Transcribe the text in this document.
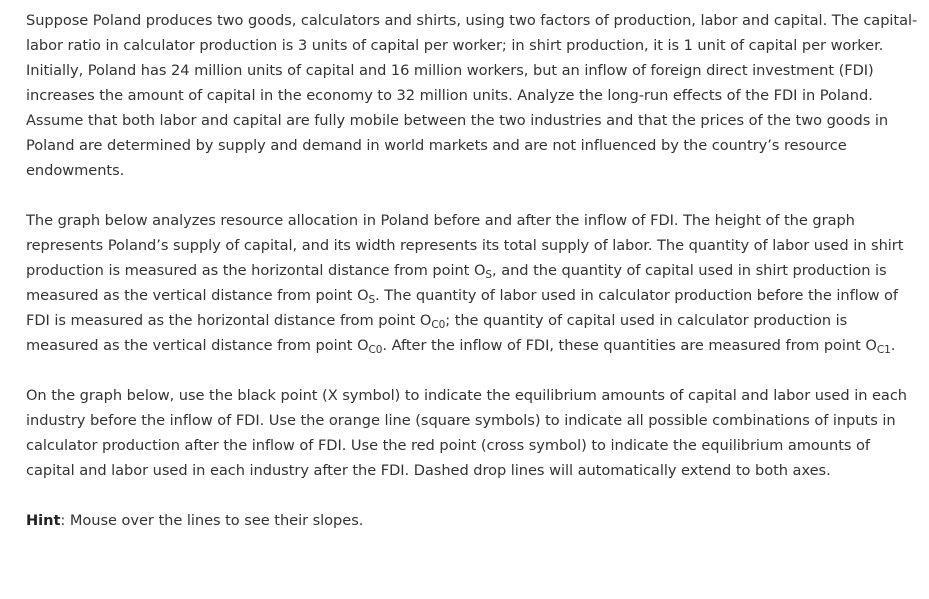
Suppose Poland produces two goods, calculators and shirts, using two factors of production, labor and capital. The capital-labor ratio in calculator production is 3 units of capital per worker; in shirt production, it is 1 unit of capital per worker. Initially, Poland has 24 million units of capital and 16 million workers, but an inflow of foreign direct investment (FDI) increases the amount of capital in the economy to 32 million units. Analyze the long-run effects of the FDI in Poland. Assume that both labor and capital are fully mobile between the two industries and that the prices of the two goods in Poland are determined by supply and demand in world markets and are not influenced by the country’s resource endowments.

The graph below analyzes resource allocation in Poland before and after the inflow of FDI. The height of the graph represents Poland’s supply of capital, and its width represents its total supply of labor. The quantity of labor used in shirt production is measured as the horizontal distance from point $O_S$, and the quantity of capital used in shirt production is measured as the vertical distance from point $O_S$. The quantity of labor used in calculator production before the inflow of FDI is measured as the horizontal distance from point $O_{C0}$; the quantity of capital used in calculator production is measured as the vertical distance from point $O_{C0}$. After the inflow of FDI, these quantities are measured from point $O_{C1}$.

On the graph below, use the black point (X symbol) to indicate the equilibrium amounts of capital and labor used in each industry before the inflow of FDI. Use the orange line (square symbols) to indicate all possible combinations of inputs in calculator production after the inflow of FDI. Use the red point (cross symbol) to indicate the equilibrium amounts of capital and labor used in each industry after the FDI. Dashed drop lines will automatically extend to both axes.

Hint: Mouse over the lines to see their slopes.
